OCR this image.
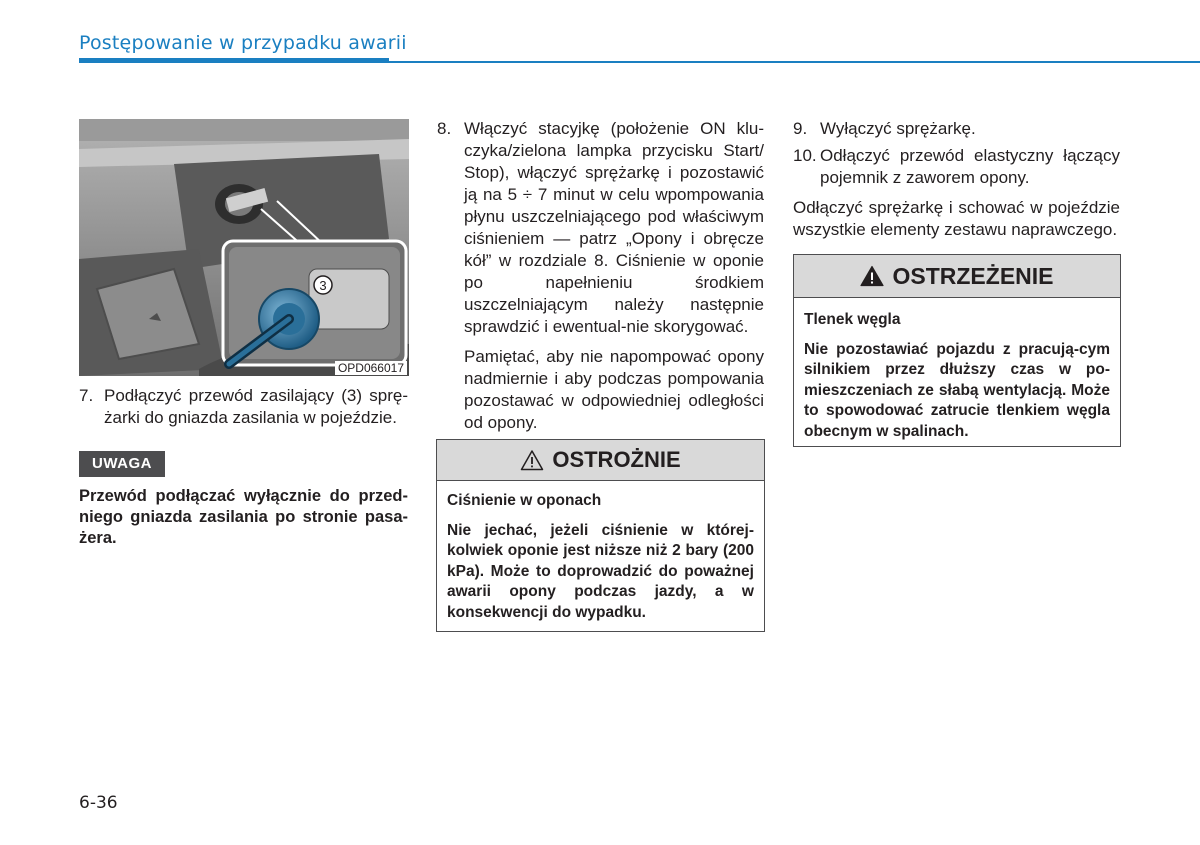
Postępowanie w przypadku awarii
3
OPD066017
7. Podłączyć przewód zasilający (3) sprę-żarki do gniazda zasilania w pojeździe.
UWAGA
Przewód podłączać wyłącznie do przed-niego gniazda zasilania po stronie pasa-żera.
8. Włączyć stacyjkę (położenie ON klu-czyka/zielona lampka przycisku Start/ Stop), włączyć sprężarkę i pozostawić ją na 5 ÷ 7 minut w celu wpompowania płynu uszczelniającego pod właściwym ciśnieniem — patrz „Opony i obręcze kół” w rozdziale 8. Ciśnienie w oponie po napełnieniu środkiem uszczelniającym należy następnie sprawdzić i ewentual-nie skorygować.
Pamiętać, aby nie napompować opony nadmiernie i aby podczas pompowania pozostawać w odpowiedniej odległości od opony.
OSTROŻNIE
Ciśnienie w oponach
Nie jechać, jeżeli ciśnienie w której-kolwiek oponie jest niższe niż 2 bary (200 kPa). Może to doprowadzić do poważnej awarii opony podczas jazdy, a w konsekwencji do wypadku.
9. Wyłączyć sprężarkę.
10. Odłączyć przewód elastyczny łączący pojemnik z zaworem opony.
Odłączyć sprężarkę i schować w pojeździe wszystkie elementy zestawu naprawczego.
OSTRZEŻENIE
Tlenek węgla
Nie pozostawiać pojazdu z pracują-cym silnikiem przez dłuższy czas w po-mieszczeniach ze słabą wentylacją. Może to spowodować zatrucie tlenkiem węgla obecnym w spalinach.
6-36
